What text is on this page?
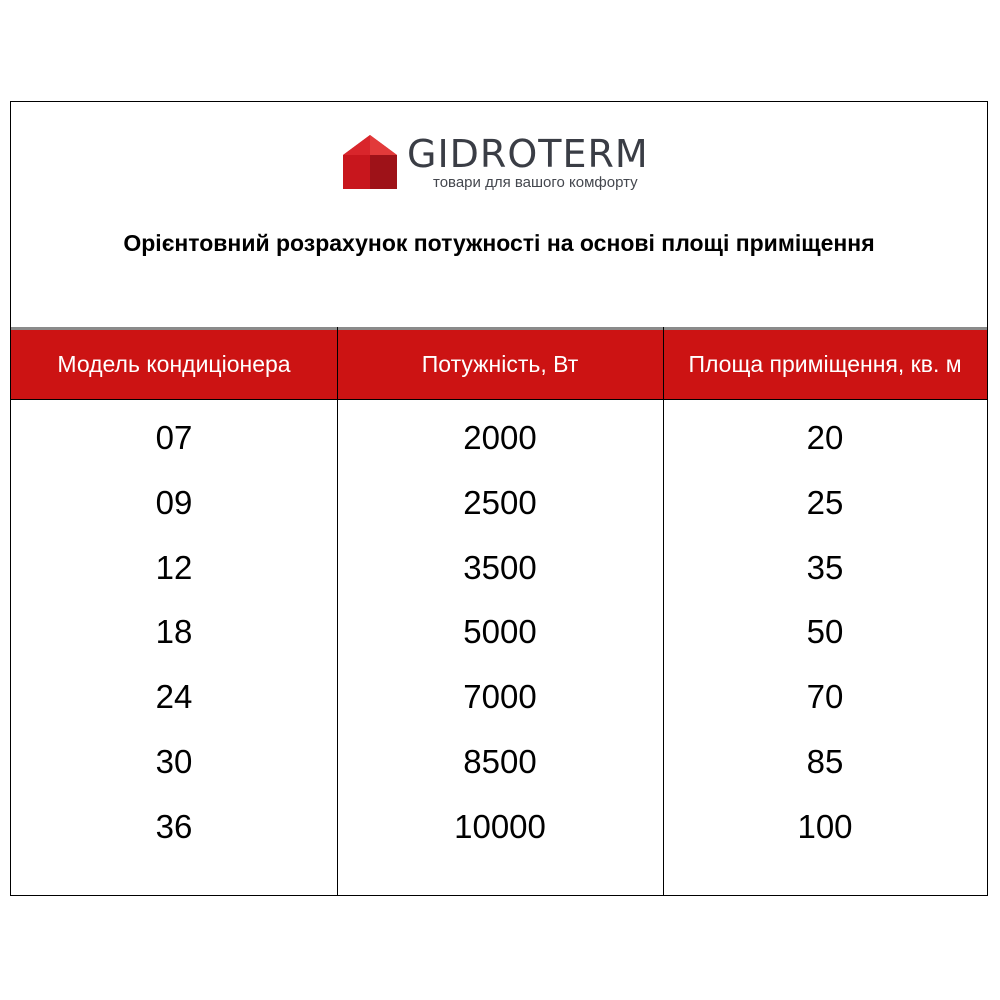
GIDROTERM
товари для вашого комфорту
Орієнтовний розрахунок потужності на основі площі приміщення
Модель кондиціонера	Потужність, Вт	Площа приміщення, кв. м
07	2000	20
09	2500	25
12	3500	35
18	5000	50
24	7000	70
30	8500	85
36	10000	100
